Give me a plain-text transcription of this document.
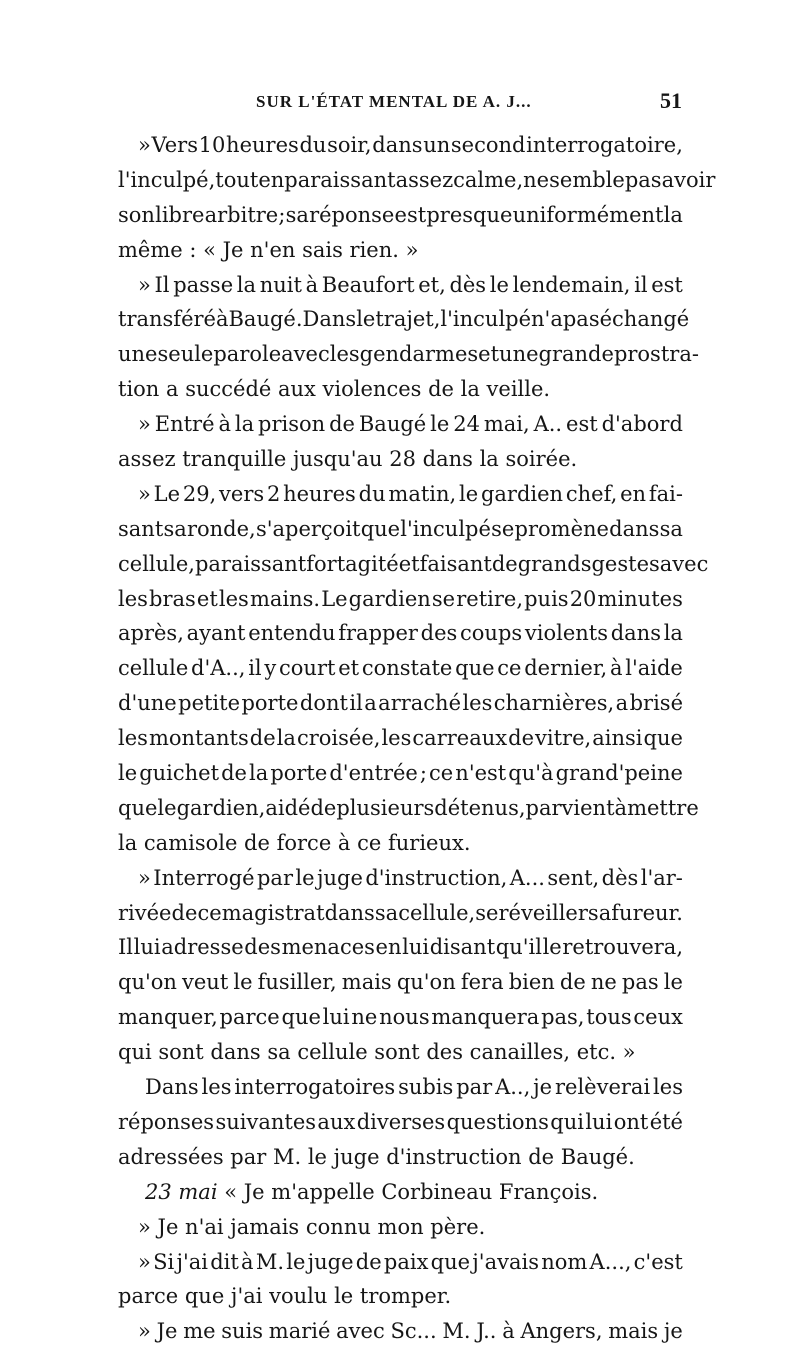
SUR L'ÉTAT MENTAL DE A. J...	51
» Vers 10 heures du soir, dans un second interrogatoire,
l'inculpé, tout en paraissant assez calme, ne semble pas avoir
son libre arbitre ; sa réponse est presque uniformément la
même : « Je n'en sais rien. »
» Il passe la nuit à Beaufort et, dès le lendemain, il est
transféré à Baugé. Dans le trajet, l'inculpé n'a pas échangé
une seule parole avec les gendarmes et une grande prostra-
tion a succédé aux violences de la veille.
» Entré à la prison de Baugé le 24 mai, A.. est d'abord
assez tranquille jusqu'au 28 dans la soirée.
» Le 29, vers 2 heures du matin, le gardien chef, en fai-
sant sa ronde, s'aperçoit que l'inculpé se promène dans sa
cellule, paraissant fort agité et faisant de grands gestes avec
les bras et les mains. Le gardien se retire, puis 20 minutes
après, ayant entendu frapper des coups violents dans la
cellule d'A.., il y court et constate que ce dernier, à l'aide
d'une petite porte dont il a arraché les charnières, a brisé
les montants de la croisée, les carreaux de vitre, ainsi que
le guichet de la porte d'entrée ; ce n'est qu'à grand'peine
que le gardien, aidé de plusieurs détenus, parvient à mettre
la camisole de force à ce furieux.
» Interrogé par le juge d'instruction, A... sent, dès l'ar-
rivée de ce magistrat dans sa cellule, se réveiller sa fureur.
Il lui adresse des menaces en lui disant qu'il le retrouvera,
qu'on veut le fusiller, mais qu'on fera bien de ne pas le
manquer, parce que lui ne nous manquera pas, tous ceux
qui sont dans sa cellule sont des canailles, etc. »
Dans les interrogatoires subis par A.., je relèverai les
réponses suivantes aux diverses questions qui lui ont été
adressées par M. le juge d'instruction de Baugé.
23 mai
« Je m'appelle Corbineau François.
» Je n'ai jamais connu mon père.
» Si j'ai dit à M. le juge de paix que j'avais nom A..., c'est
parce que j'ai voulu le tromper.
» Je me suis marié avec Sc... M. J.. à Angers, mais je
